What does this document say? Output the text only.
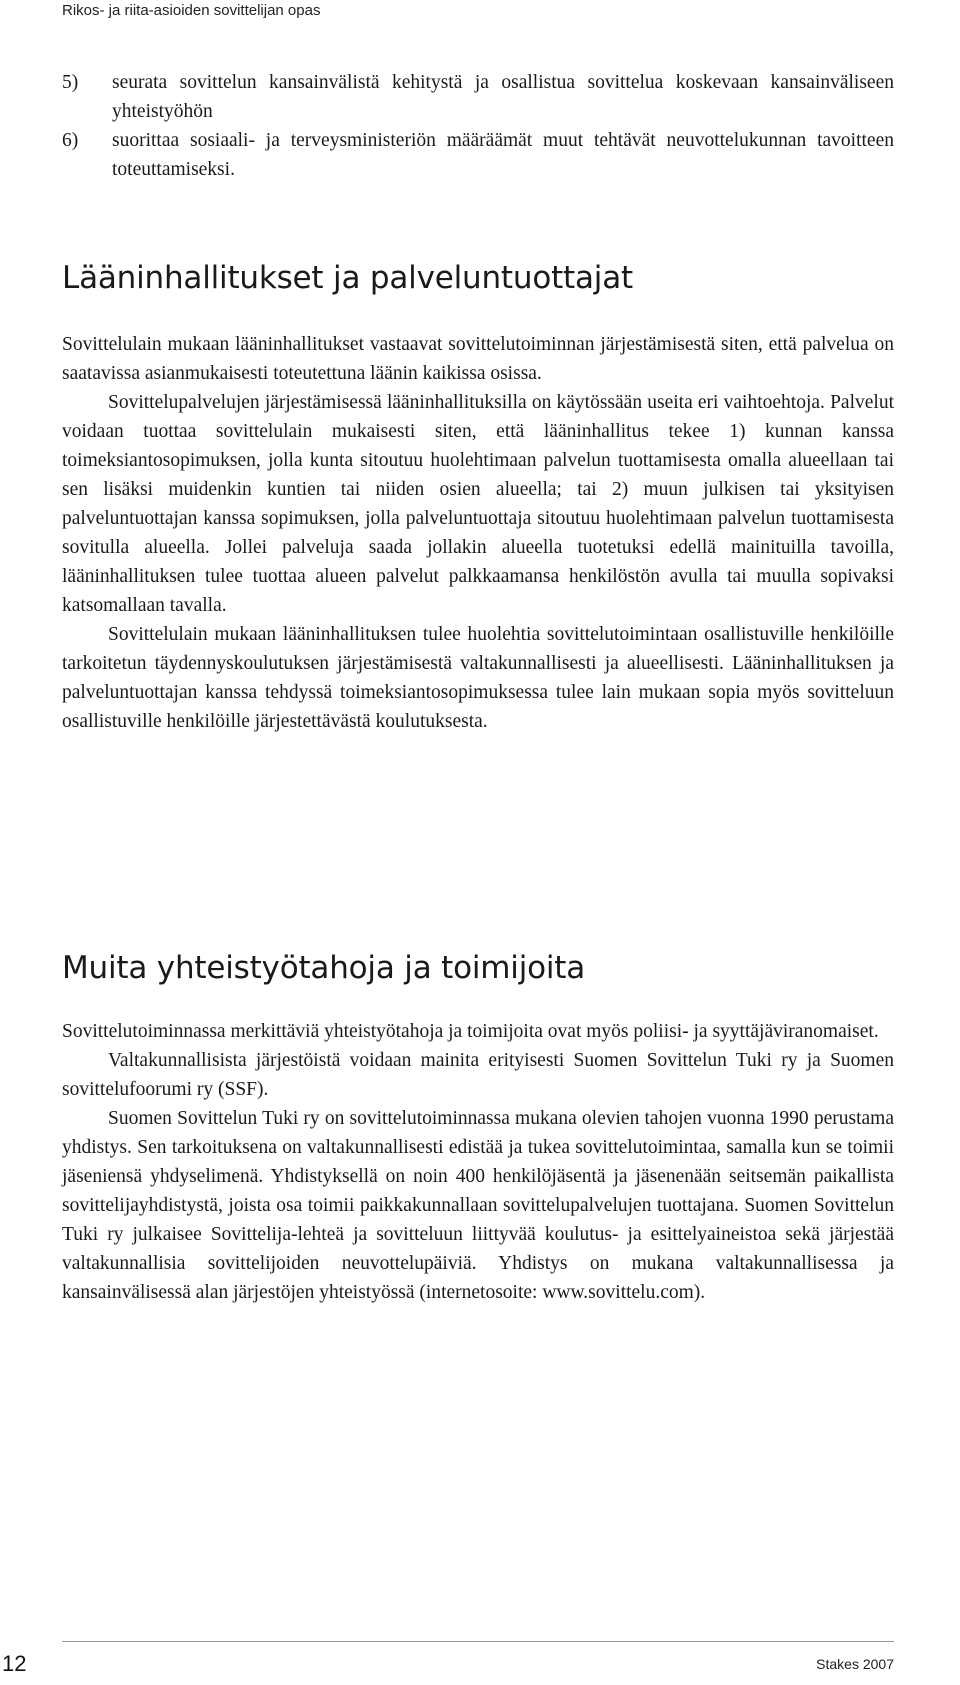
Rikos- ja riita-asioiden sovittelijan opas
5) seurata sovittelun kansainvälistä kehitystä ja osallistua sovittelua koskevaan kansainväliseen yhteistyöhön
6) suorittaa sosiaali- ja terveysministeriön määräämät muut tehtävät neuvottelukunnan tavoitteen toteuttamiseksi.
Lääninhallitukset ja palveluntuottajat

Sovittelulain mukaan lääninhallitukset vastaavat sovittelutoiminnan järjestämisestä siten, että palvelua on saatavissa asianmukaisesti toteutettuna läänin kaikissa osissa.

Sovittelupalvelujen järjestämisessä lääninhallituksilla on käytössään useita eri vaihtoehtoja. Palvelut voidaan tuottaa sovittelulain mukaisesti siten, että lääninhallitus tekee 1) kunnan kanssa toimeksiantosopimuksen, jolla kunta sitoutuu huolehtimaan palvelun tuottamisesta omalla alueellaan tai sen lisäksi muidenkin kuntien tai niiden osien alueella; tai 2) muun julkisen tai yksityisen palveluntuottajan kanssa sopimuksen, jolla palveluntuottaja sitoutuu huolehtimaan palvelun tuottamisesta sovitulla alueella. Jollei palveluja saada jollakin alueella tuotetuksi edellä mainituilla tavoilla, lääninhallituksen tulee tuottaa alueen palvelut palkkaamansa henkilöstön avulla tai muulla sopivaksi katsomallaan tavalla.

Sovittelulain mukaan lääninhallituksen tulee huolehtia sovittelutoimintaan osallistuville henkilöille tarkoitetun täydennyskoulutuksen järjestämisestä valtakunnallisesti ja alueellisesti. Lääninhallituksen ja palveluntuottajan kanssa tehdyssä toimeksiantosopimuksessa tulee lain mukaan sopia myös sovitteluun osallistuville henkilöille järjestettävästä koulutuksesta.

Muita yhteistyötahoja ja toimijoita

Sovittelutoiminnassa merkittäviä yhteistyötahoja ja toimijoita ovat myös poliisi- ja syyttäjäviranomaiset.

Valtakunnallisista järjestöistä voidaan mainita erityisesti Suomen Sovittelun Tuki ry ja Suomen sovittelufoorumi ry (SSF).

Suomen Sovittelun Tuki ry on sovittelutoiminnassa mukana olevien tahojen vuonna 1990 perustama yhdistys. Sen tarkoituksena on valtakunnallisesti edistää ja tukea sovittelutoimintaa, samalla kun se toimii jäseniensä yhdyselimenä. Yhdistyksellä on noin 400 henkilöjäsentä ja jäsenenään seitsemän paikallista sovittelijayhdistystä, joista osa toimii paikkakunnallaan sovittelupalvelujen tuottajana. Suomen Sovittelun Tuki ry julkaisee Sovittelija-lehteä ja sovitteluun liittyvää koulutus- ja esittelyaineistoa sekä järjestää valtakunnallisia sovittelijoiden neuvottelupäiviä. Yhdistys on mukana valtakunnallisessa ja kansainvälisessä alan järjestöjen yhteistyössä (internetosoite: www.sovittelu.com).

12	Stakes 2007
